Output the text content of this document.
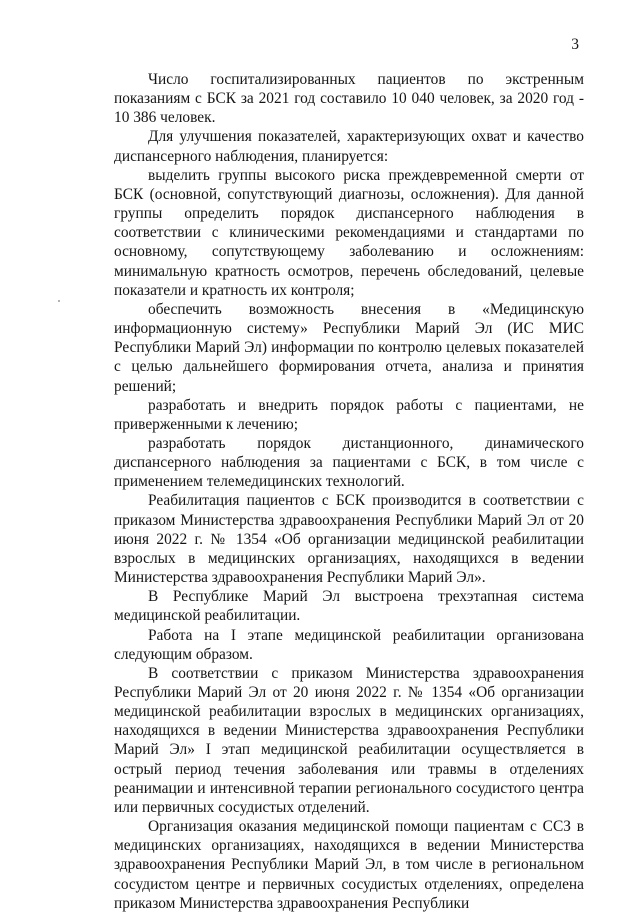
3

Число госпитализированных пациентов по экстренным показаниям с БСК за 2021 год составило 10 040 человек, за 2020 год - 10 386 человек.

Для улучшения показателей, характеризующих охват и качество диспансерного наблюдения, планируется:

выделить группы высокого риска преждевременной смерти от БСК (основной, сопутствующий диагнозы, осложнения). Для данной группы определить порядок диспансерного наблюдения в соответствии с клиническими рекомендациями и стандартами по основному, сопутствующему заболеванию и осложнениям: минимальную кратность осмотров, перечень обследований, целевые показатели и кратность их контроля;

обеспечить возможность внесения в «Медицинскую информационную систему» Республики Марий Эл (ИС МИС Республики Марий Эл) информации по контролю целевых показателей с целью дальнейшего формирования отчета, анализа и принятия решений;

разработать и внедрить порядок работы с пациентами, не приверженными к лечению;

разработать порядок дистанционного, динамического диспансерного наблюдения за пациентами с БСК, в том числе с применением телемедицинских технологий.

Реабилитация пациентов с БСК производится в соответствии с приказом Министерства здравоохранения Республики Марий Эл от 20 июня 2022 г. № 1354 «Об организации медицинской реабилитации взрослых в медицинских организациях, находящихся в ведении Министерства здравоохранения Республики Марий Эл».

В Республике Марий Эл выстроена трехэтапная система медицинской реабилитации.

Работа на I этапе медицинской реабилитации организована следующим образом.

В соответствии с приказом Министерства здравоохранения Республики Марий Эл от 20 июня 2022 г. № 1354 «Об организации медицинской реабилитации взрослых в медицинских организациях, находящихся в ведении Министерства здравоохранения Республики Марий Эл» I этап медицинской реабилитации осуществляется в острый период течения заболевания или травмы в отделениях реанимации и интенсивной терапии регионального сосудистого центра или первичных сосудистых отделений.

Организация оказания медицинской помощи пациентам с ССЗ в медицинских организациях, находящихся в ведении Министерства здравоохранения Республики Марий Эл, в том числе в региональном сосудистом центре и первичных сосудистых отделениях, определена приказом Министерства здравоохранения Республики
